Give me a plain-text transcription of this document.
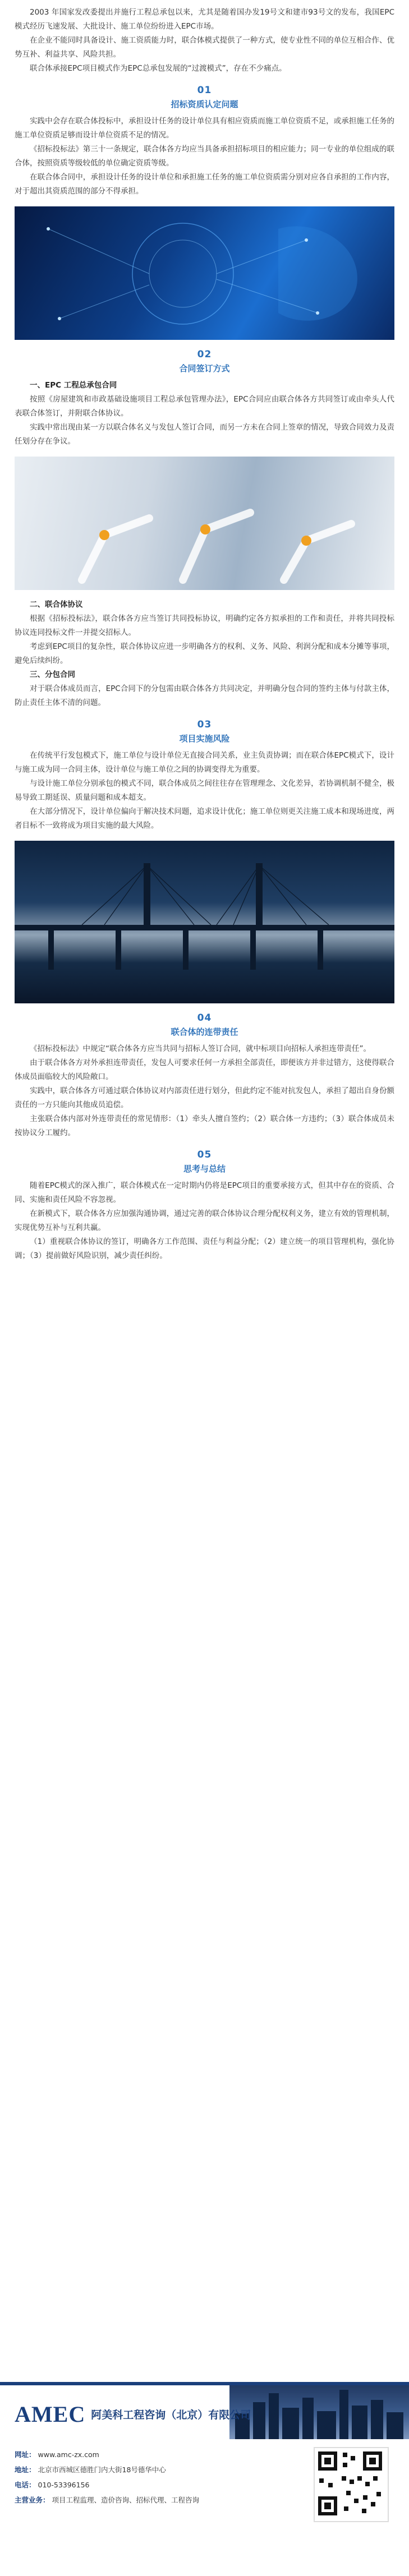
2003 年国家发改委提出并施行工程总承包以来，尤其是随着国办发19号文和建市93号文的发布，我国EPC模式经历飞速发展、大批设计、施工单位纷纷进入EPC市场。

在企业不能同时具备设计、施工资质能力时，联合体模式提供了一种方式，使专业性不同的单位互相合作、优势互补、利益共享、风险共担。

联合体承接EPC项目模式作为EPC总承包发展的“过渡模式”，存在不少痛点。

01
招标资质认定问题

实践中会存在联合体投标中，承担设计任务的设计单位具有相应资质而施工单位资质不足，或承担施工任务的施工单位资质足够而设计单位资质不足的情况。

《招标投标法》第三十一条规定，联合体各方均应当具备承担招标项目的相应能力；同一专业的单位组成的联合体，按照资质等级较低的单位确定资质等级。

在联合体合同中，承担设计任务的设计单位和承担施工任务的施工单位资质需分别对应各自承担的工作内容，对于超出其资质范围的部分不得承担。

02
合同签订方式
一、EPC 工程总承包合同

按照《房屋建筑和市政基础设施项目工程总承包管理办法》，EPC合同应由联合体各方共同签订或由牵头人代表联合体签订，并附联合体协议。

实践中常出现由某一方以联合体名义与发包人签订合同，而另一方未在合同上签章的情况，导致合同效力及责任划分存在争议。

二、联合体协议

根据《招标投标法》，联合体各方应当签订共同投标协议，明确约定各方拟承担的工作和责任，并将共同投标协议连同投标文件一并提交招标人。

考虑到EPC项目的复杂性，联合体协议应进一步明确各方的权利、义务、风险、利润分配和成本分摊等事项，避免后续纠纷。

三、分包合同

对于联合体成员而言，EPC合同下的分包需由联合体各方共同决定，并明确分包合同的签约主体与付款主体，防止责任主体不清的问题。

03
项目实施风险

在传统平行发包模式下，施工单位与设计单位无直接合同关系，业主负责协调；而在联合体EPC模式下，设计与施工成为同一合同主体，设计单位与施工单位之间的协调变得尤为重要。

与设计施工单位分别承包的模式不同，联合体成员之间往往存在管理理念、文化差异，若协调机制不健全，极易导致工期延误、质量问题和成本超支。

在大部分情况下，设计单位偏向于解决技术问题，追求设计优化；施工单位则更关注施工成本和现场进度，两者目标不一致将成为项目实施的最大风险。

04
联合体的连带责任

《招标投标法》中规定“联合体各方应当共同与招标人签订合同，就中标项目向招标人承担连带责任”。

由于联合体各方对外承担连带责任，发包人可要求任何一方承担全部责任，即便该方并非过错方，这使得联合体成员面临较大的风险敞口。

实践中，联合体各方可通过联合体协议对内部责任进行划分，但此约定不能对抗发包人，承担了超出自身份额责任的一方只能向其他成员追偿。

主张联合体内部对外连带责任的常见情形：（1）牵头人擅自签约；（2）联合体一方违约；（3）联合体成员未按协议分工履约。

05
思考与总结

随着EPC模式的深入推广，联合体模式在一定时期内仍将是EPC项目的重要承接方式，但其中存在的资质、合同、实施和责任风险不容忽视。

在新模式下，联合体各方应加强沟通协调，通过完善的联合体协议合理分配权利义务，建立有效的管理机制，实现优势互补与互利共赢。

（1）重视联合体协议的签订，明确各方工作范围、责任与利益分配；（2）建立统一的项目管理机构，强化协调；（3）提前做好风险识别，减少责任纠纷。

AMEC 阿美科工程咨询（北京）有限公司
网址： www.amc-zx.com
地址： 北京市西城区德胜门内大街18号德华中心
电话： 010-53396156
主营业务： 项目工程监理、造价咨询、招标代理、工程咨询
